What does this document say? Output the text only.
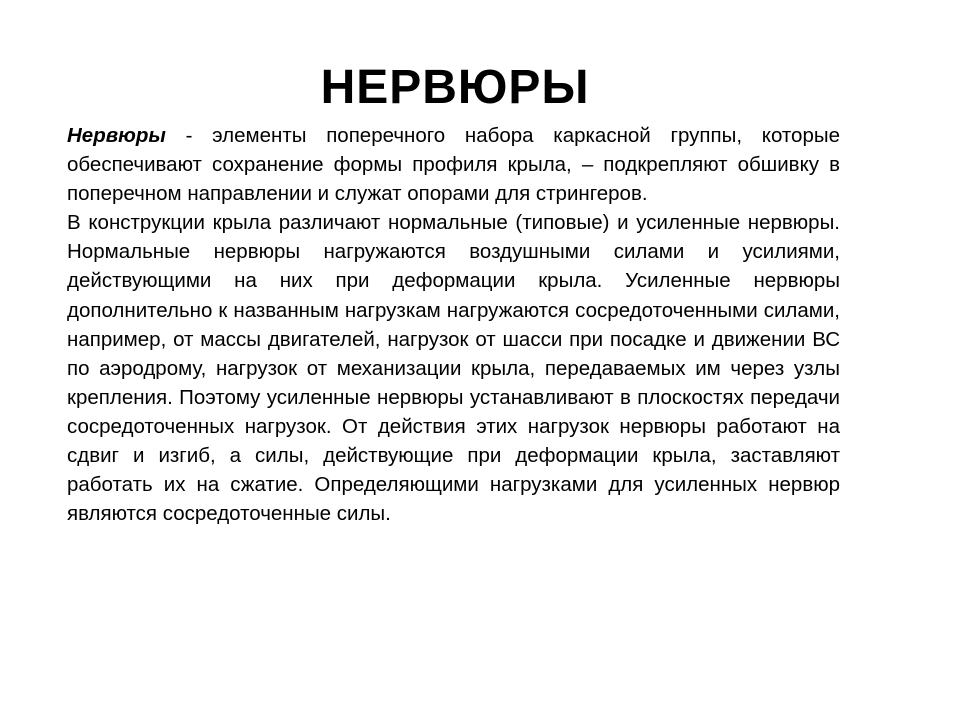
НЕРВЮРЫ

Нервюры - элементы поперечного набора каркасной группы, которые обеспечивают сохранение формы профиля крыла, – подкрепляют обшивку в поперечном направлении и служат опорами для стрингеров.

В конструкции крыла различают нормальные (типовые) и усиленные нервюры. Нормальные нервюры нагружаются воздушными силами и усилиями, действующими на них при деформации крыла. Усиленные нервюры дополнительно к названным нагрузкам нагружаются сосредоточенными силами, например, от массы двигателей, нагрузок от шасси при посадке и движении ВС по аэродрому, нагрузок от механизации крыла, передаваемых им через узлы крепления. Поэтому усиленные нервюры устанавливают в плоскостях передачи сосредоточенных нагрузок. От действия этих нагрузок нервюры работают на сдвиг и изгиб, а силы, действующие при деформации крыла, заставляют работать их на сжатие. Определяющими нагрузками для усиленных нервюр являются сосредоточенные силы.
